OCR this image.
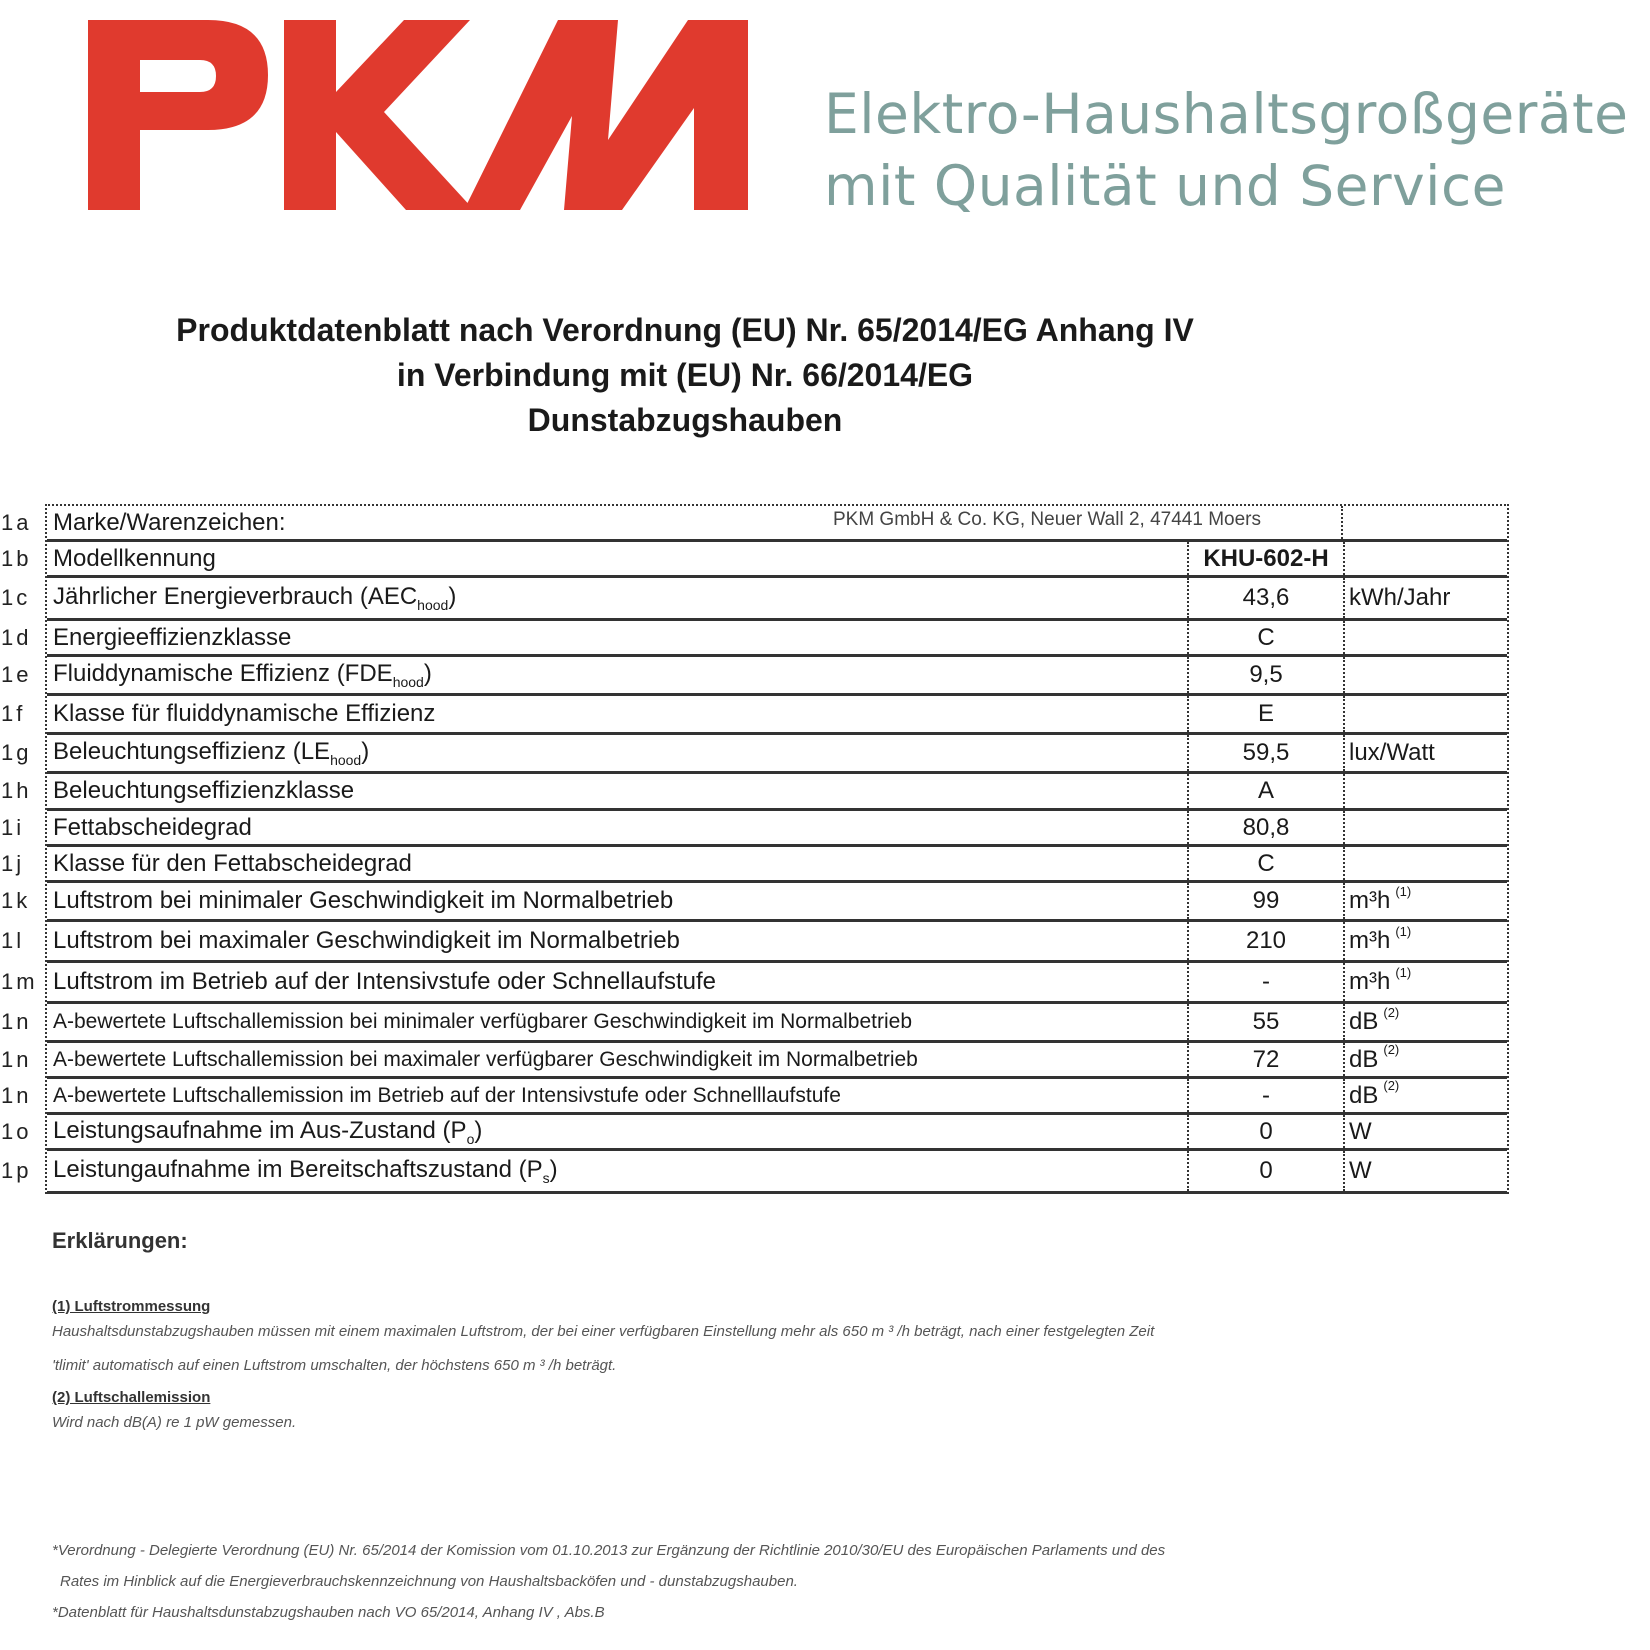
Elektro-Haushaltsgroßgeräte
mit Qualität und Service
Produktdatenblatt nach Verordnung (EU) Nr. 65/2014/EG Anhang IV
in Verbindung mit (EU) Nr. 66/2014/EG
Dunstabzugshauben
1a Marke/Warenzeichen:	PKM GmbH & Co. KG, Neuer Wall 2, 47441 Moers
1b Modellkennung	KHU-602-H
1c Jährlicher Energieverbrauch $(AEC_{hood})$	43,6	kWh/Jahr
1d Energieeffizienzklasse	C
1e Fluiddynamische Effizienz $(FDE_{hood})$	9,5
1f	Klasse für fluiddynamische Effizienz	E
1g Beleuchtungseffizienz $(LE_{hood})$	59,5	lux/Watt
1h Beleuchtungseffizienzklasse	A
1i	Fettabscheidegrad	80,8
1j	Klasse für den Fettabscheidegrad	C
1k Luftstrom bei minimaler Geschwindigkeit im Normalbetrieb	99	m³h $^{(1)}$
1l	Luftstrom bei maximaler Geschwindigkeit im Normalbetrieb	210	m³h $^{(1)}$
1m Luftstrom im Betrieb auf der Intensivstufe oder Schnellaufstufe	-	m³h $^{(1)}$
1n	A-bewertete Luftschallemission bei minimaler verfügbarer Geschwindigkeit im Normalbetrieb	55	dB $^{(2)}$
1n	A-bewertete Luftschallemission bei maximaler verfügbarer Geschwindigkeit im Normalbetrieb	72	dB $^{(2)}$
1n	A-bewertete Luftschallemission im Betrieb auf der Intensivstufe oder Schnelllaufstufe	-	dB $^{(2)}$
1o Leistungsaufnahme im Aus-Zustand $(P_o)$	0	W
1p Leistungaufnahme im Bereitschaftszustand $(P_s)$	0	W
Erklärungen:
(1) Luftstrommessung
Haushaltsdunstabzugshauben müssen mit einem maximalen Luftstrom, der bei einer verfügbaren Einstellung mehr als 650 m ³ /h beträgt, nach einer festgelegten Zeit
'tlimit' automatisch auf einen Luftstrom umschalten, der höchstens 650 m ³ /h beträgt.
(2) Luftschallemission
Wird nach dB(A) re 1 pW gemessen.
*Verordnung - Delegierte Verordnung (EU) Nr. 65/2014 der Komission vom 01.10.2013 zur Ergänzung der Richtlinie 2010/30/EU des Europäischen Parlaments und des
Rates im Hinblick auf die Energieverbrauchskennzeichnung von Haushaltsbacköfen und - dunstabzugshauben.
*Datenblatt für Haushaltsdunstabzugshauben nach VO 65/2014, Anhang IV , Abs.B
